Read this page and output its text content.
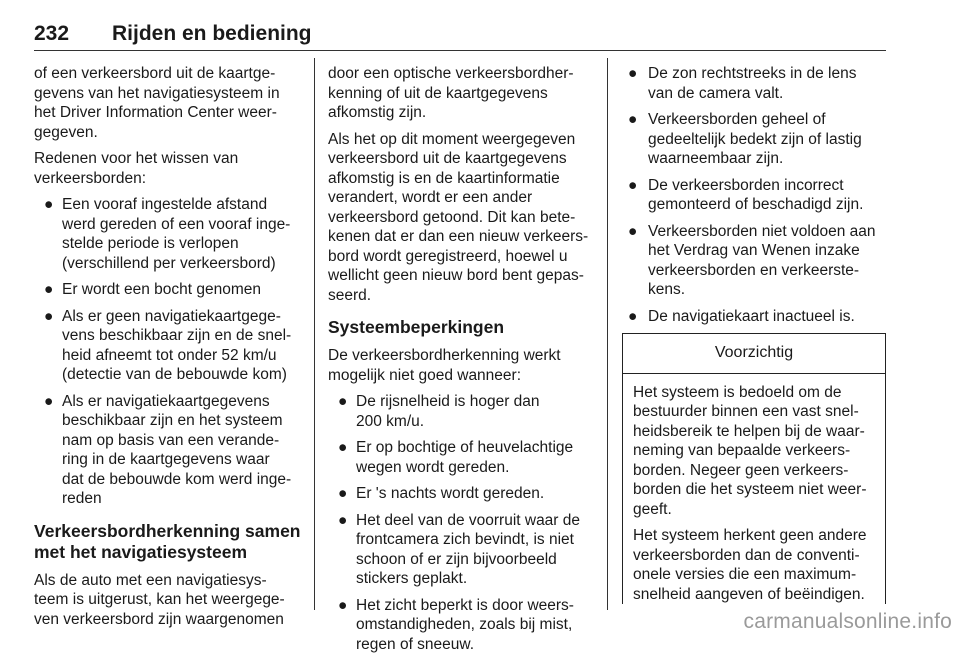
232 Rijden en bediening

of een verkeersbord uit de kaartge-
gevens van het navigatiesysteem in
het Driver Information Center weer-
gegeven.

Redenen voor het wissen van
verkeersborden:

● Een vooraf ingestelde afstand
werd gereden of een vooraf inge-
stelde periode is verlopen
(verschillend per verkeersbord)
● Er wordt een bocht genomen
● Als er geen navigatiekaartgege-
vens beschikbaar zijn en de snel-
heid afneemt tot onder 52 km/u
(detectie van de bebouwde kom)
● Als er navigatiekaartgegevens
beschikbaar zijn en het systeem
nam op basis van een verande-
ring in de kaartgegevens waar
dat de bebouwde kom werd inge-
reden
Verkeersbordherkenning samen
met het navigatiesysteem

Als de auto met een navigatiesys-
teem is uitgerust, kan het weergege-
ven verkeersbord zijn waargenomen

door een optische verkeersbordher-
kenning of uit de kaartgegevens
afkomstig zijn.

Als het op dit moment weergegeven
verkeersbord uit de kaartgegevens
afkomstig is en de kaartinformatie
verandert, wordt er een ander
verkeersbord getoond. Dit kan bete-
kenen dat er dan een nieuw verkeers-
bord wordt geregistreerd, hoewel u
wellicht geen nieuw bord bent gepas-
seerd.

Systeembeperkingen

De verkeersbordherkenning werkt
mogelijk niet goed wanneer:

● De rijsnelheid is hoger dan
200 km/u.
● Er op bochtige of heuvelachtige
wegen wordt gereden.
● Er 's nachts wordt gereden.
● Het deel van de voorruit waar de
frontcamera zich bevindt, is niet
schoon of er zijn bijvoorbeeld
stickers geplakt.
● Het zicht beperkt is door weers-
omstandigheden, zoals bij mist,
regen of sneeuw.
● De zon rechtstreeks in de lens
van de camera valt.
● Verkeersborden geheel of
gedeeltelijk bedekt zijn of lastig
waarneembaar zijn.
● De verkeersborden incorrect
gemonteerd of beschadigd zijn.
● Verkeersborden niet voldoen aan
het Verdrag van Wenen inzake
verkeersborden en verkeerste-
kens.
● De navigatiekaart inactueel is.
Voorzichtig

Het systeem is bedoeld om de
bestuurder binnen een vast snel-
heidsbereik te helpen bij de waar-
neming van bepaalde verkeers-
borden. Negeer geen verkeers-
borden die het systeem niet weer-
geeft.

Het systeem herkent geen andere
verkeersborden dan de conventi-
onele versies die een maximum-
snelheid aangeven of beëindigen.

carmanualsonline.info
